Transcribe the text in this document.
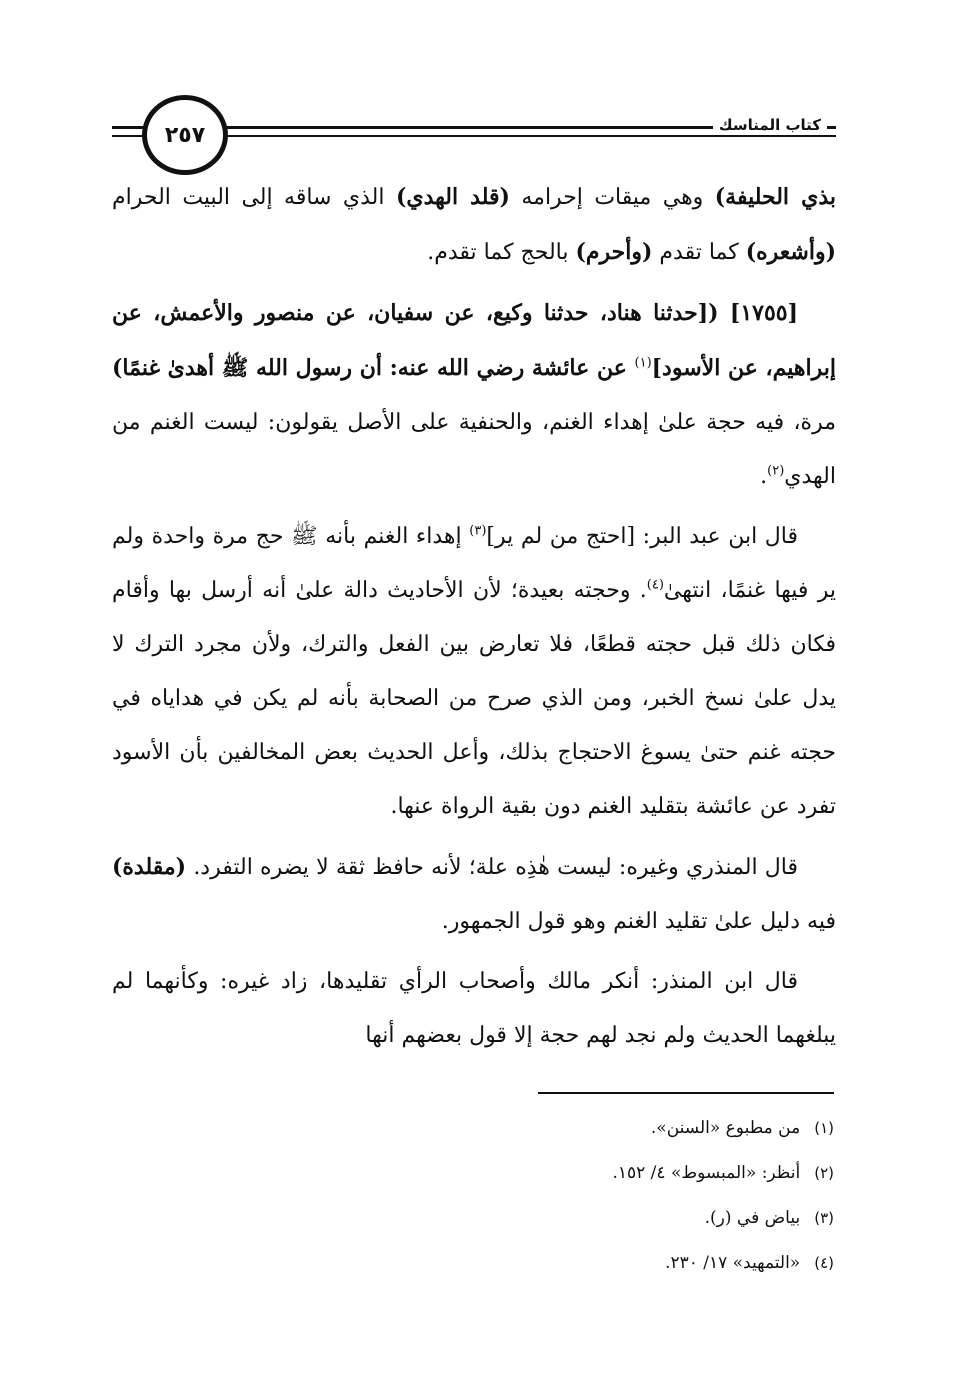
كتاب المناسك
٢٥٧

بذي الحليفة) وهي ميقات إحرامه (قلد الهدي) الذي ساقه إلى البيت الحرام (وأشعره) كما تقدم (وأحرم) بالحج كما تقدم.

[١٧٥٥] ([حدثنا هناد، حدثنا وكيع، عن سفيان، عن منصور والأعمش، عن إبراهيم، عن الأسود]$^{(١)}$ عن عائشة رضي الله عنه: أن رسول الله ﷺ أهدىٰ غنمًا) مرة، فيه حجة علىٰ إهداء الغنم، والحنفية على الأصل يقولون: ليست الغنم من الهدي$^{(٢)}$.

قال ابن عبد البر: [احتج من لم ير]$^{(٣)}$ إهداء الغنم بأنه ﷺ حج مرة واحدة ولم ير فيها غنمًا، انتهىٰ$^{(٤)}$. وحجته بعيدة؛ لأن الأحاديث دالة علىٰ أنه أرسل بها وأقام فكان ذلك قبل حجته قطعًا، فلا تعارض بين الفعل والترك، ولأن مجرد الترك لا يدل علىٰ نسخ الخبر، ومن الذي صرح من الصحابة بأنه لم يكن في هداياه في حجته غنم حتىٰ يسوغ الاحتجاج بذلك، وأعل الحديث بعض المخالفين بأن الأسود تفرد عن عائشة بتقليد الغنم دون بقية الرواة عنها.

قال المنذري وغيره: ليست هٰذِه علة؛ لأنه حافظ ثقة لا يضره التفرد. (مقلدة) فيه دليل علىٰ تقليد الغنم وهو قول الجمهور.

قال ابن المنذر: أنكر مالك وأصحاب الرأي تقليدها، زاد غيره: وكأنهما لم يبلغهما الحديث ولم نجد لهم حجة إلا قول بعضهم أنها

(١)
من مطبوع «السنن».
(٢)
أنظر: «المبسوط» ٤/ ١٥٢.
(٣)
بياض في (ر).
(٤)
«التمهيد» ١٧/ ٢٣٠.
